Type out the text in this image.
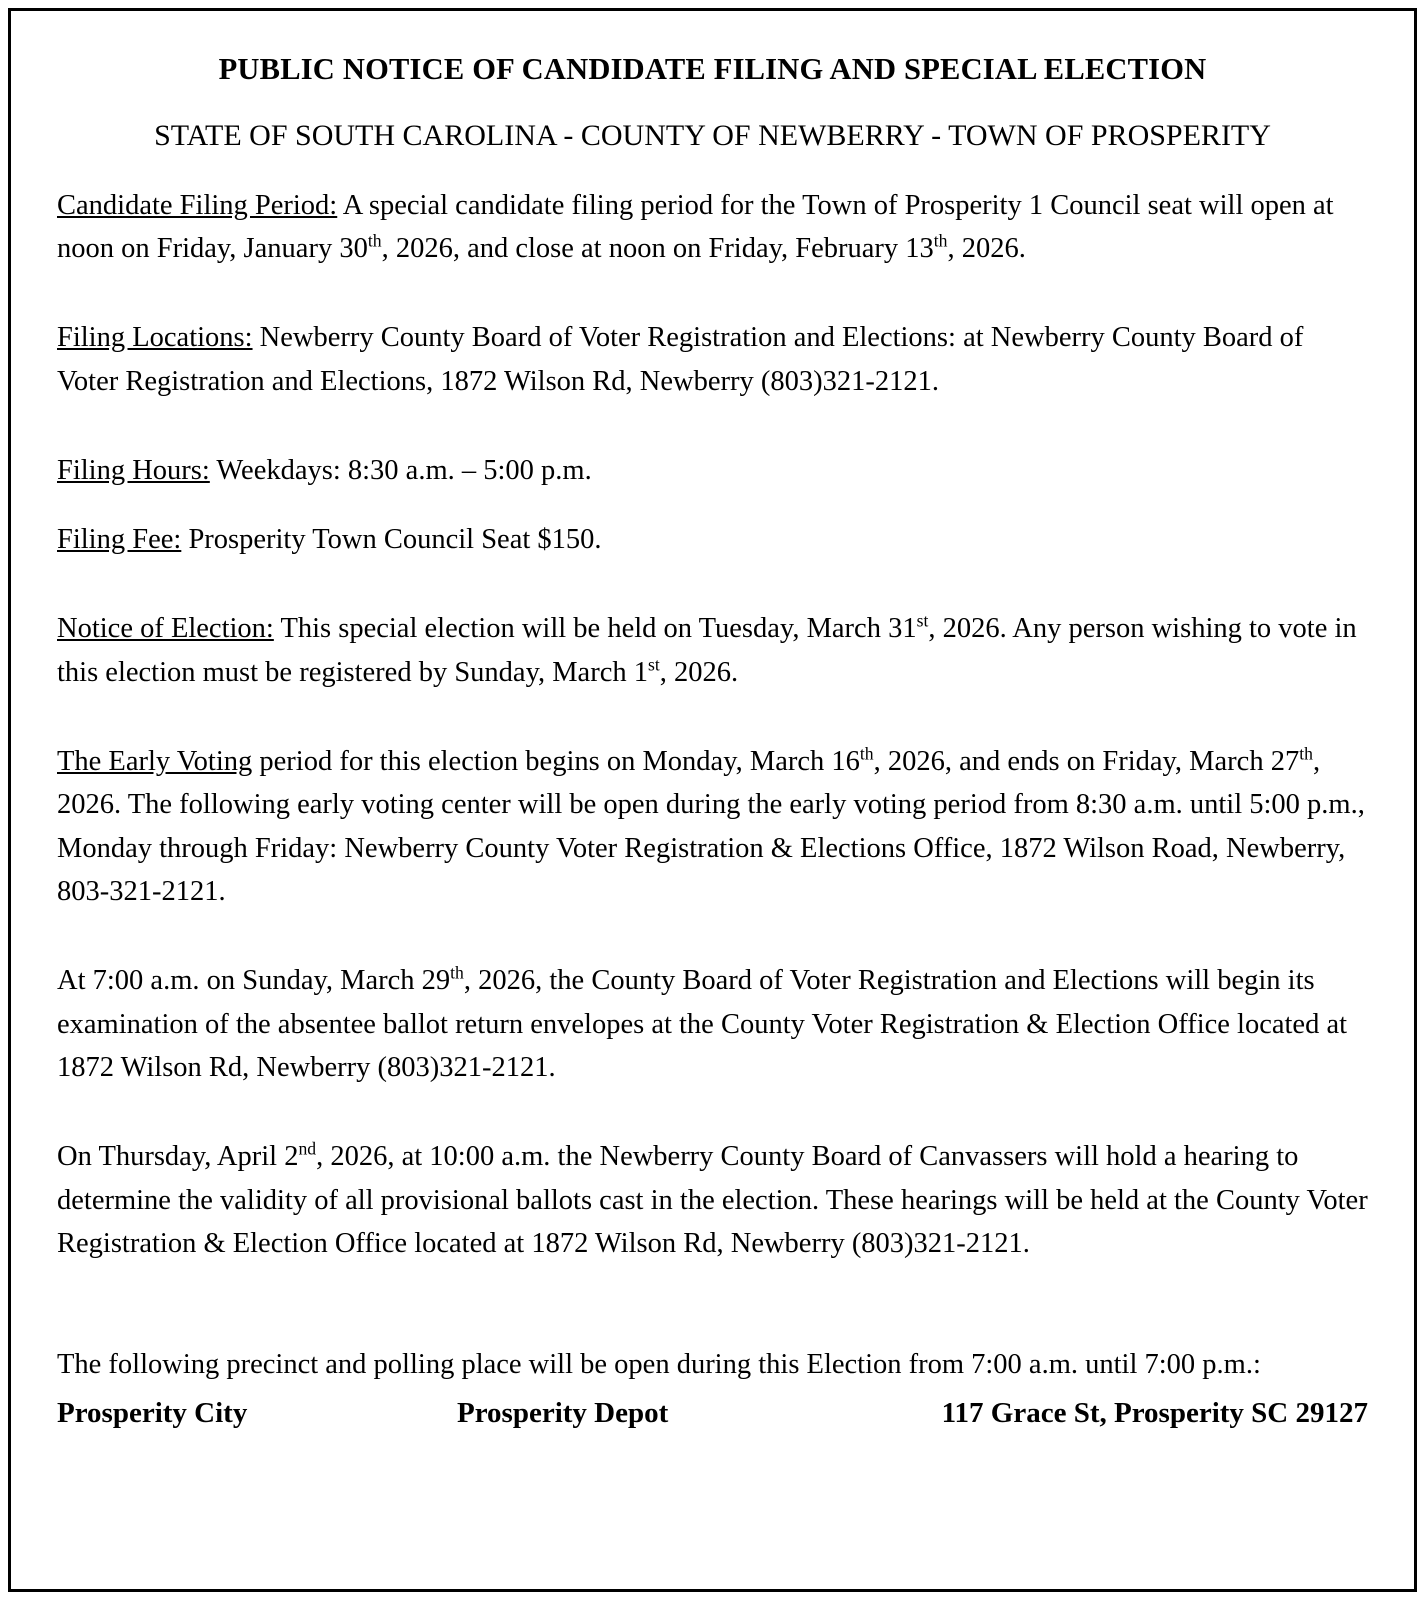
PUBLIC NOTICE OF CANDIDATE FILING AND SPECIAL ELECTION
STATE OF SOUTH CAROLINA - COUNTY OF NEWBERRY - TOWN OF PROSPERITY

Candidate Filing Period: A special candidate filing period for the Town of Prosperity 1 Council seat will open at noon on Friday, January 30th, 2026, and close at noon on Friday, February 13th, 2026.

Filing Locations: Newberry County Board of Voter Registration and Elections: at Newberry County Board of Voter Registration and Elections, 1872 Wilson Rd, Newberry (803)321-2121.

Filing Hours: Weekdays: 8:30 a.m. – 5:00 p.m.

Filing Fee: Prosperity Town Council Seat $150.

Notice of Election: This special election will be held on Tuesday, March 31st, 2026. Any person wishing to vote in this election must be registered by Sunday, March 1st, 2026.

The Early Voting period for this election begins on Monday, March 16th, 2026, and ends on Friday, March 27th, 2026. The following early voting center will be open during the early voting period from 8:30 a.m. until 5:00 p.m., Monday through Friday: Newberry County Voter Registration & Elections Office, 1872 Wilson Road, Newberry, 803-321-2121.

At 7:00 a.m. on Sunday, March 29th, 2026, the County Board of Voter Registration and Elections will begin its examination of the absentee ballot return envelopes at the County Voter Registration & Election Office located at 1872 Wilson Rd, Newberry (803)321-2121.

On Thursday, April 2nd, 2026, at 10:00 a.m. the Newberry County Board of Canvassers will hold a hearing to determine the validity of all provisional ballots cast in the election. These hearings will be held at the County Voter Registration & Election Office located at 1872 Wilson Rd, Newberry (803)321-2121.

The following precinct and polling place will be open during this Election from 7:00 a.m. until 7:00 p.m.:

Prosperity City	Prosperity Depot	117 Grace St, Prosperity SC 29127
